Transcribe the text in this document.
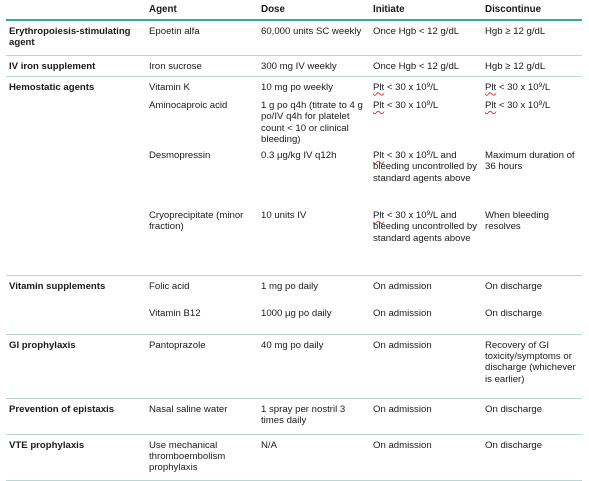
	Agent	Dose	Initiate	Discontinue
Erythropoiesis-stimulating agent	Epoetin alfa	60,000 units SC weekly	Once Hgb < 12 g/dL	Hgb ≥ 12 g/dL
IV iron supplement	Iron sucrose	300 mg IV weekly	Once Hgb < 12 g/dL	Hgb ≥ 12 g/dL
Hemostatic agents	Vitamin K	10 mg po weekly	Plt < 30 x $10^9/L$	Plt < 30 x $10^9/L$
	Aminocaproic acid	1 g po q4h (titrate to 4 g po/IV q4h for platelet count < 10 or clinical bleeding)	Plt < 30 x $10^9/L$	Plt < 30 x $10^9/L$
	Desmopressin	0.3 μg/kg IV q12h	Plt < 30 x $10^9/L$ and bleeding uncontrolled by standard agents above	Maximum duration of 36 hours
	Cryoprecipitate (minor fraction)	10 units IV	Plt < 30 x $10^9/L$ and bleeding uncontrolled by standard agents above	When bleeding resolves
Vitamin supplements	Folic acid	1 mg po daily	On admission	On discharge
	Vitamin B12	1000 μg po daily	On admission	On discharge
GI prophylaxis	Pantoprazole	40 mg po daily	On admission	Recovery of GI toxicity/symptoms or discharge (whichever is earlier)
Prevention of epistaxis	Nasal saline water	1 spray per nostril 3 times daily	On admission	On discharge
VTE prophylaxis	Use mechanical thromboembolism prophylaxis	N/A	On admission	On discharge
